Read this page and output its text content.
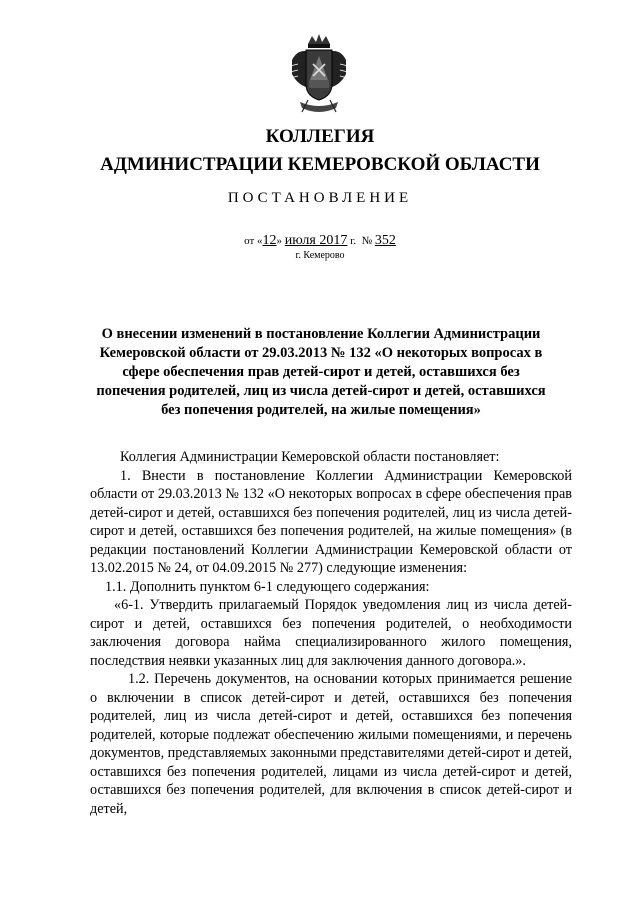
КОЛЛЕГИЯ
АДМИНИСТРАЦИИ КЕМЕРОВСКОЙ ОБЛАСТИ
ПОСТАНОВЛЕНИЕ
от «12» июля 2017 г. № 352
г. Кемерово
О внесении изменений в постановление Коллегии Администрации
Кемеровской области от 29.03.2013 № 132 «О некоторых вопросах в
сфере обеспечения прав детей-сирот и детей, оставшихся без
попечения родителей, лиц из числа детей-сирот и детей, оставшихся
без попечения родителей, на жилые помещения»

Коллегия Администрации Кемеровской области постановляет:

1. Внести в постановление Коллегии Администрации Кемеровской области от 29.03.2013 № 132 «О некоторых вопросах в сфере обеспечения прав детей-сирот и детей, оставшихся без попечения родителей, лиц из числа детей-сирот и детей, оставшихся без попечения родителей, на жилые помещения» (в редакции постановлений Коллегии Администрации Кемеровской области от 13.02.2015 № 24, от 04.09.2015 № 277) следующие изменения:

1.1. Дополнить пунктом 6-1 следующего содержания:

«6-1. Утвердить прилагаемый Порядок уведомления лиц из числа детей-сирот и детей, оставшихся без попечения родителей, о необходимости заключения договора найма специализированного жилого помещения, последствия неявки указанных лиц для заключения данного договора.».

1.2. Перечень документов, на основании которых принимается решение о включении в список детей-сирот и детей, оставшихся без попечения родителей, лиц из числа детей-сирот и детей, оставшихся без попечения родителей, которые подлежат обеспечению жилыми помещениями, и перечень документов, представляемых законными представителями детей-сирот и детей, оставшихся без попечения родителей, лицами из числа детей-сирот и детей, оставшихся без попечения родителей, для включения в список детей-сирот и детей,
